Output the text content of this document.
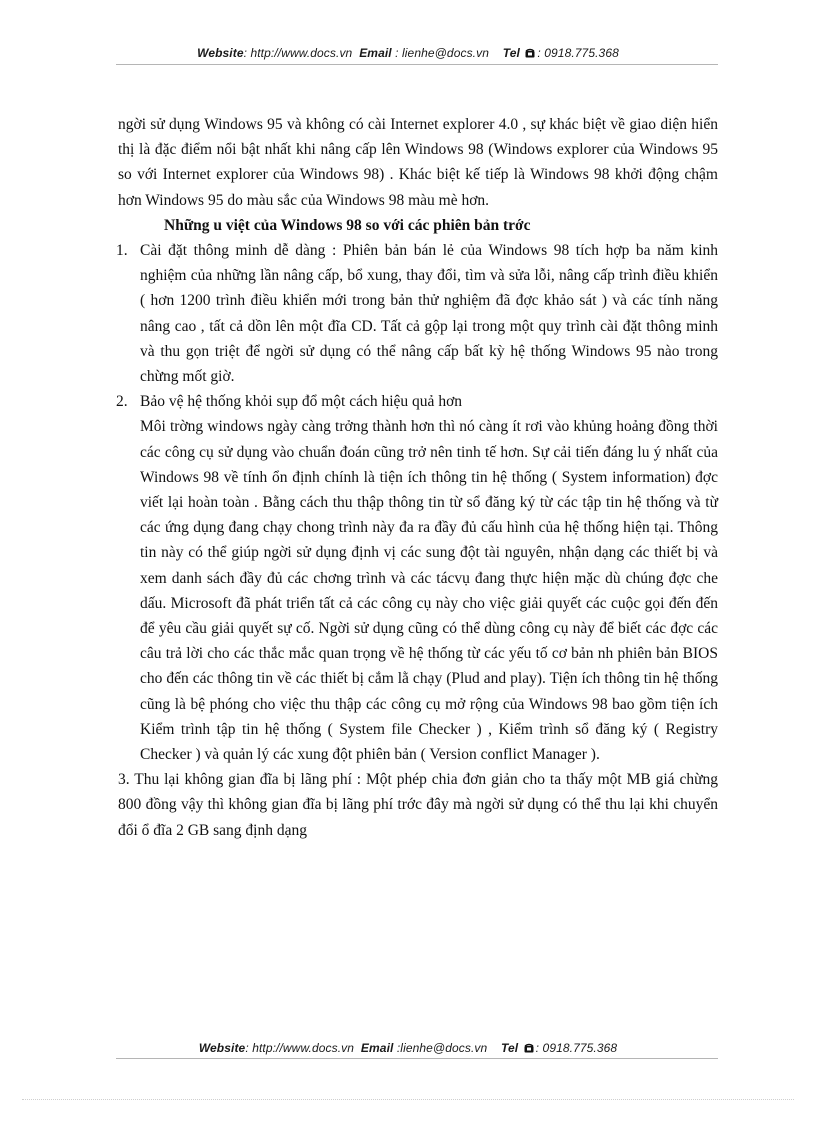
Website: http://www.docs.vn Email : lienhe@docs.vn Tel : 0918.775.368

ngời sử dụng Windows 95 và không có cài Internet explorer 4.0 , sự khác biệt về giao diện hiển thị là đặc điểm nổi bật nhất khi nâng cấp lên Windows 98 (Windows explorer của Windows 95 so với Internet explorer của Windows 98) . Khác biệt kế tiếp là Windows 98 khởi động chậm hơn Windows 95 do màu sắc của Windows 98 màu mè hơn.

Những u việt của Windows 98 so với các phiên bản trớc

1. Cài đặt thông minh dễ dàng : Phiên bản bán lẻ của Windows 98 tích hợp ba năm kinh nghiệm của những lần nâng cấp, bổ xung, thay đổi, tìm và sửa lỗi, nâng cấp trình điều khiển ( hơn 1200 trình điều khiển mới trong bản thử nghiệm đã đợc khảo sát ) và các tính năng nâng cao , tất cả dồn lên một đĩa CD. Tất cả gộp lại trong một quy trình cài đặt thông minh và thu gọn triệt để ngời sử dụng có thể nâng cấp bất kỳ hệ thống Windows 95 nào trong chừng mốt giờ.
2. Bảo vệ hệ thống khỏi sụp đổ một cách hiệu quả hơn

Môi trờng windows ngày càng trởng thành hơn thì nó càng ít rơi vào khủng hoảng đồng thời các công cụ sử dụng vào chuẩn đoán cũng trở nên tinh tế hơn. Sự cải tiến đáng lu ý nhất của Windows 98 về tính ổn định chính là tiện ích thông tin hệ thống ( System information) đợc viết lại hoàn toàn . Bằng cách thu thập thông tin từ sổ đăng ký từ các tập tin hệ thống và từ các ứng dụng đang chạy chong trình này đa ra đầy đủ cấu hình của hệ thống hiện tại. Thông tin này có thể giúp ngời sử dụng định vị các sung đột tài nguyên, nhận dạng các thiết bị và xem danh sách đầy đủ các chơng trình và các tácvụ đang thực hiện mặc dù chúng đợc che dấu. Microsoft đã phát triển tất cả các công cụ này cho việc giải quyết các cuộc gọi đến đến để yêu cầu giải quyết sự cố. Ngời sử dụng cũng có thể dùng công cụ này để biết các đợc các câu trả lời cho các thắc mắc quan trọng về hệ thống từ các yếu tố cơ bản nh phiên bản BIOS cho đến các thông tin về các thiết bị cắm lằ chạy (Plud and play). Tiện ích thông tin hệ thống cũng là bệ phóng cho việc thu thập các công cụ mở rộng của Windows 98 bao gồm tiện ích Kiểm trình tập tin hệ thống ( System file Checker ) , Kiểm trình sổ đăng ký ( Registry Checker ) và quản lý các xung đột phiên bản ( Version conflict Manager ).

3. Thu lại không gian đĩa bị lãng phí : Một phép chia đơn giản cho ta thấy một MB giá chừng 800 đồng vậy thì không gian đĩa bị lãng phí trớc đây mà ngời sử dụng có thể thu lại khi chuyển đổi ổ đĩa 2 GB sang định dạng

Website: http://www.docs.vn Email :lienhe@docs.vn Tel : 0918.775.368
